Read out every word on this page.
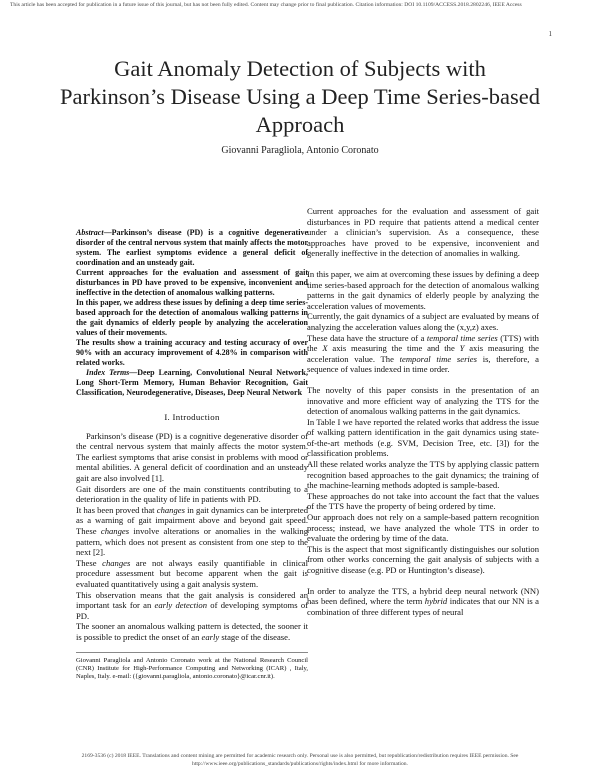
This article has been accepted for publication in a future issue of this journal, but has not been fully edited. Content may change prior to final publication. Citation information: DOI 10.1109/ACCESS.2018.2802246, IEEE Access
1
Gait Anomaly Detection of Subjects with Parkinson’s Disease Using a Deep Time Series-based Approach
Giovanni Paragliola, Antonio Coronato

Abstract—Parkinson’s disease (PD) is a cognitive degenerative disorder of the central nervous system that mainly affects the motor system. The earliest symptoms evidence a general deficit of coordination and an unsteady gait.

Current approaches for the evaluation and assessment of gait disturbances in PD have proved to be expensive, inconvenient and ineffective in the detection of anomalous walking patterns.

In this paper, we address these issues by defining a deep time series-based approach for the detection of anomalous walking patterns in the gait dynamics of elderly people by analyzing the acceleration values of their movements.

The results show a training accuracy and testing accuracy of over 90% with an accuracy improvement of 4.28% in comparison with related works.

Index Terms—Deep Learning, Convolutional Neural Network, Long Short-Term Memory, Human Behavior Recognition, Gait Classification, Neurodegenerative, Diseases, Deep Neural Network

I. Introduction

Parkinson’s disease (PD) is a cognitive degenerative disorder of the central nervous system that mainly affects the motor system. The earliest symptoms that arise consist in problems with mood or mental abilities. A general deficit of coordination and an unsteady gait are also involved [1].

Gait disorders are one of the main constituents contributing to a deterioration in the quality of life in patients with PD.

It has been proved that changes in gait dynamics can be interpreted as a warning of gait impairment above and beyond gait speed. These changes involve alterations or anomalies in the walking pattern, which does not present as consistent from one step to the next [2].

These changes are not always easily quantifiable in clinical procedure assessment but become apparent when the gait is evaluated quantitatively using a gait analysis system.

This observation means that the gait analysis is considered an important task for an early detection of developing symptoms of PD.

The sooner an anomalous walking pattern is detected, the sooner it is possible to predict the onset of an early stage of the disease.

Giovanni Paragliola and Antonio Coronato work at the National Research Council (CNR) Institute for High-Performance Computing and Networking (ICAR) , Italy, Naples, Italy. e-mail: ({giovanni.paragliola, antonio.coronato}@icar.cnr.it).

Current approaches for the evaluation and assessment of gait disturbances in PD require that patients attend a medical center under a clinician’s supervision. As a consequence, these approaches have proved to be expensive, inconvenient and generally ineffective in the detection of anomalies in walking.

In this paper, we aim at overcoming these issues by defining a deep time series-based approach for the detection of anomalous walking patterns in the gait dynamics of elderly people by analyzing the acceleration values of movements.

Currently, the gait dynamics of a subject are evaluated by means of analyzing the acceleration values along the (x,y,z) axes.

These data have the structure of a temporal time series (TTS) with the X axis measuring the time and the Y axis measuring the acceleration value. The temporal time series is, therefore, a sequence of values indexed in time order.

The novelty of this paper consists in the presentation of an innovative and more efficient way of analyzing the TTS for the detection of anomalous walking patterns in the gait dynamics.

In Table I we have reported the related works that address the issue of walking pattern identification in the gait dynamics using state-of-the-art methods (e.g. SVM, Decision Tree, etc. [3]) for the classification problems.

All these related works analyze the TTS by applying classic pattern recognition based approaches to the gait dynamics; the training of the machine-learning methods adopted is sample-based.

These approaches do not take into account the fact that the values of the TTS have the property of being ordered by time.

Our approach does not rely on a sample-based pattern recognition process; instead, we have analyzed the whole TTS in order to evaluate the ordering by time of the data.

This is the aspect that most significantly distinguishes our solution from other works concerning the gait analysis of subjects with a cognitive disease (e.g. PD or Huntington’s disease).

In order to analyze the TTS, a hybrid deep neural network (NN) has been defined, where the term hybrid indicates that our NN is a combination of three different types of neural

2169-3536 (c) 2018 IEEE. Translations and content mining are permitted for academic research only. Personal use is also permitted, but republication/redistribution requires IEEE permission. See
http://www.ieee.org/publications_standards/publications/rights/index.html for more information.
